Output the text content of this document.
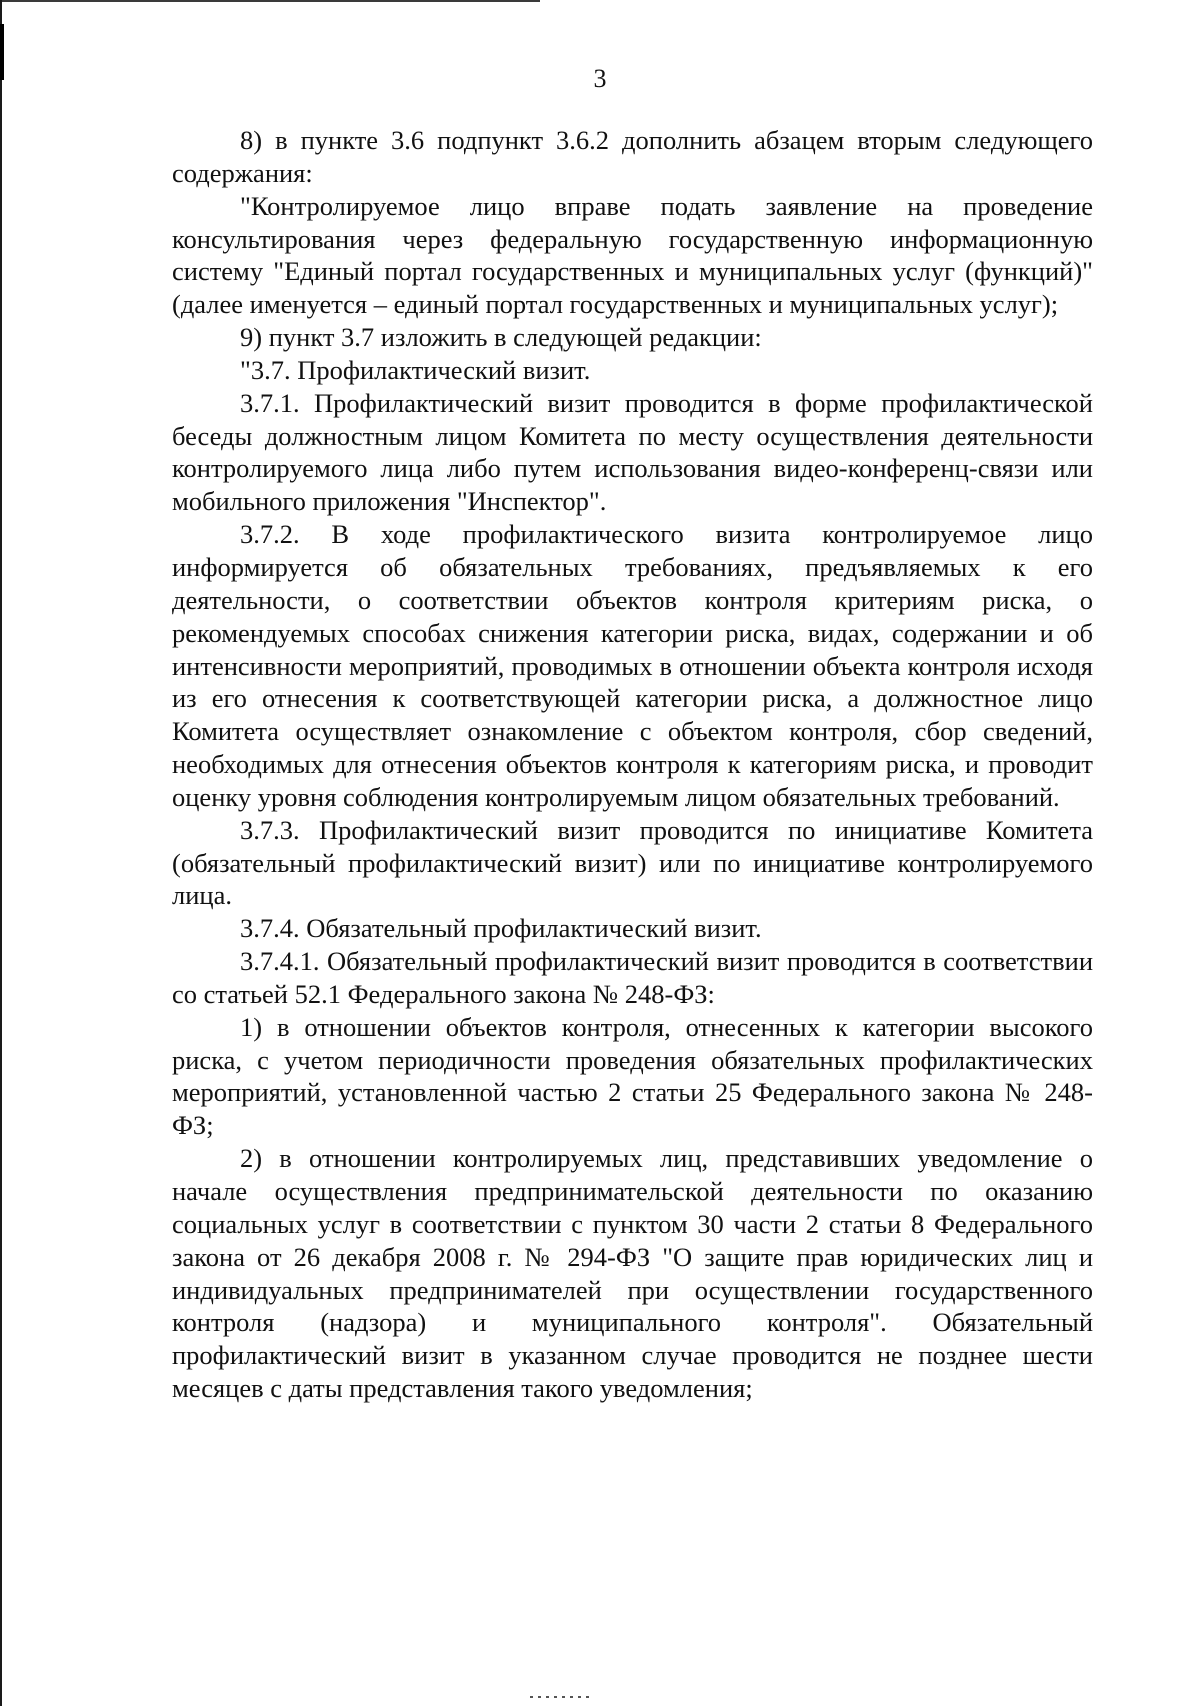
3

8) в пункте 3.6 подпункт 3.6.2 дополнить абзацем вторым следующего содержания:

"Контролируемое лицо вправе подать заявление на проведение консультирования через федеральную государственную информационную систему "Единый портал государственных и муниципальных услуг (функций)" (далее именуется – единый портал государственных и муниципальных услуг);

9) пункт 3.7 изложить в следующей редакции:

"3.7. Профилактический визит.

3.7.1. Профилактический визит проводится в форме профилактической беседы должностным лицом Комитета по месту осуществления деятельности контролируемого лица либо путем использования видео-конференц-связи или мобильного приложения "Инспектор".

3.7.2. В ходе профилактического визита контролируемое лицо информируется об обязательных требованиях, предъявляемых к его деятельности, о соответствии объектов контроля критериям риска, о рекомендуемых способах снижения категории риска, видах, содержании и об интенсивности мероприятий, проводимых в отношении объекта контроля исходя из его отнесения к соответствующей категории риска, а должностное лицо Комитета осуществляет ознакомление с объектом контроля, сбор сведений, необходимых для отнесения объектов контроля к категориям риска, и проводит оценку уровня соблюдения контролируемым лицом обязательных требований.

3.7.3. Профилактический визит проводится по инициативе Комитета (обязательный профилактический визит) или по инициативе контролируемого лица.

3.7.4. Обязательный профилактический визит.

3.7.4.1. Обязательный профилактический визит проводится в соответствии со статьей 52.1 Федерального закона № 248-ФЗ:

1) в отношении объектов контроля, отнесенных к категории высокого риска, с учетом периодичности проведения обязательных профилактических мероприятий, установленной частью 2 статьи 25 Федерального закона № 248-ФЗ;

2) в отношении контролируемых лиц, представивших уведомление о начале осуществления предпринимательской деятельности по оказанию социальных услуг в соответствии с пунктом 30 части 2 статьи 8 Федерального закона от 26 декабря 2008 г. № 294-ФЗ "О защите прав юридических лиц и индивидуальных предпринимателей при осуществлении государственного контроля (надзора) и муниципального контроля". Обязательный профилактический визит в указанном случае проводится не позднее шести месяцев с даты представления такого уведомления;
